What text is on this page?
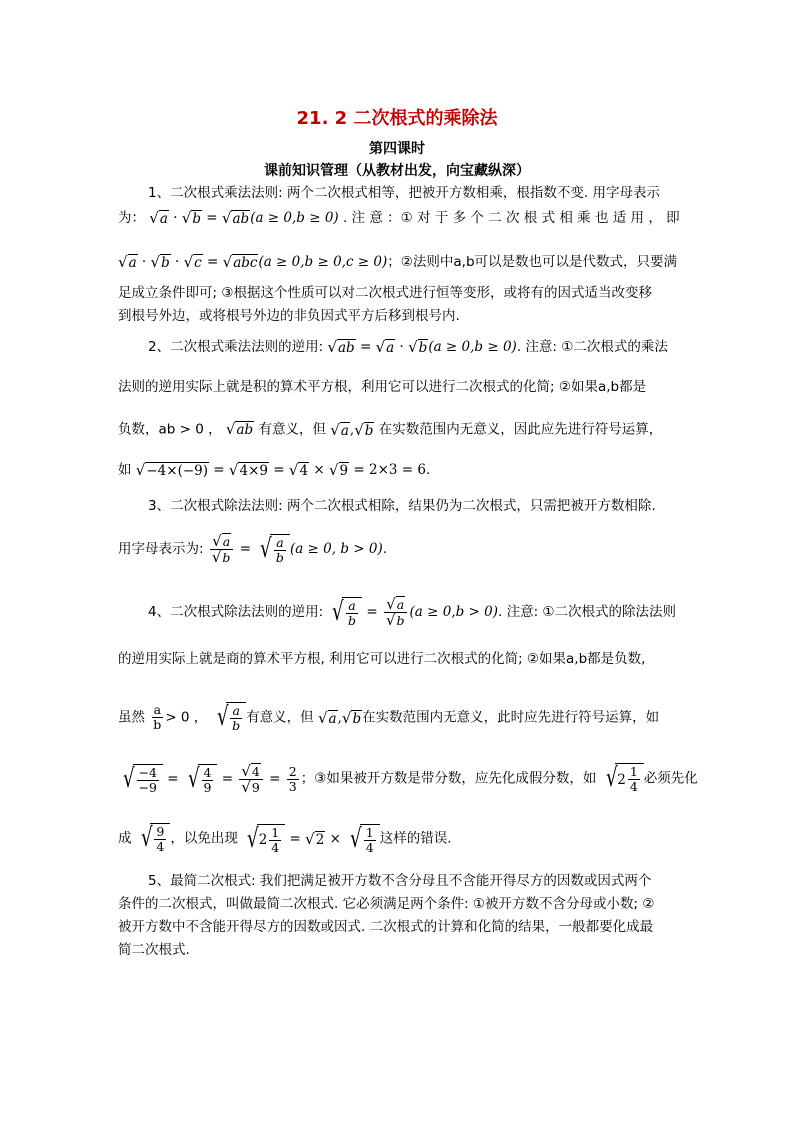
21. 2 二次根式的乘除法
第四课时
课前知识管理（从教材出发，向宝藏纵深）
1、二次根式乘法法则: 两个二次根式相等，把被开方数相乘，根指数不变. 用字母表示
为： √a · √b = √ab(a ≥ 0,b ≥ 0) . 注 意 ：① 对 于 多 个 二 次 根 式 相 乘 也 适 用 ， 即
√a · √b · √c = √abc(a ≥ 0,b ≥ 0,c ≥ 0)；②法则中a,b可以是数也可以是代数式，只要满
足成立条件即可; ③根据这个性质可以对二次根式进行恒等变形，或将有的因式适当改变移
到根号外边，或将根号外边的非负因式平方后移到根号内.
2、二次根式乘法法则的逆用: √ab = √a · √b(a ≥ 0,b ≥ 0). 注意: ①二次根式的乘法
法则的逆用实际上就是积的算术平方根，利用它可以进行二次根式的化简; ②如果a,b都是
负数，ab > 0 ， √ab 有意义，但 √a,√b 在实数范围内无意义，因此应先进行符号运算，
如 √−4×(−9) = √4×9 = √4 × √9 = 2×3 = 6.
3、二次根式除法法则: 两个二次根式相除，结果仍为二次根式，只需把被开方数相除.
用字母表示为: $\frac{√a}{√b}$ = √ $\frac{a}{b} (a \ge 0$, b > 0).
4、二次根式除法法则的逆用: √ $\frac{a}{b} = \frac{√a}{√b} (a \ge 0,b > 0)$. 注意: ①二次根式的除法法则
的逆用实际上就是商的算术平方根, 利用它可以进行二次根式的化简; ②如果a,b都是负数,
虽然 $\frac{a}{b} > 0$ ， √ $\frac{a}{b}$ 有意义，但 √a,√b在实数范围内无意义，此时应先进行符号运算，如
√ $\frac{-4}{-9}$ = √ $\frac{4}{9} = \frac{√4}{√9} = \frac{2}{3}$ ；③如果被开方数是带分数，应先化成假分数，如 √ $2 \frac{1}{4}$ 必须先化
成 √ $\frac{9}{4}$ ，以免出现 √ $2 \frac{1}{4} = √2$ × √ $\frac{1}{4}$ 这样的错误.
5、最简二次根式: 我们把满足被开方数不含分母且不含能开得尽方的因数或因式两个
条件的二次根式，叫做最简二次根式. 它必须满足两个条件: ①被开方数不含分母或小数; ②
被开方数中不含能开得尽方的因数或因式. 二次根式的计算和化简的结果，一般都要化成最
简二次根式.
